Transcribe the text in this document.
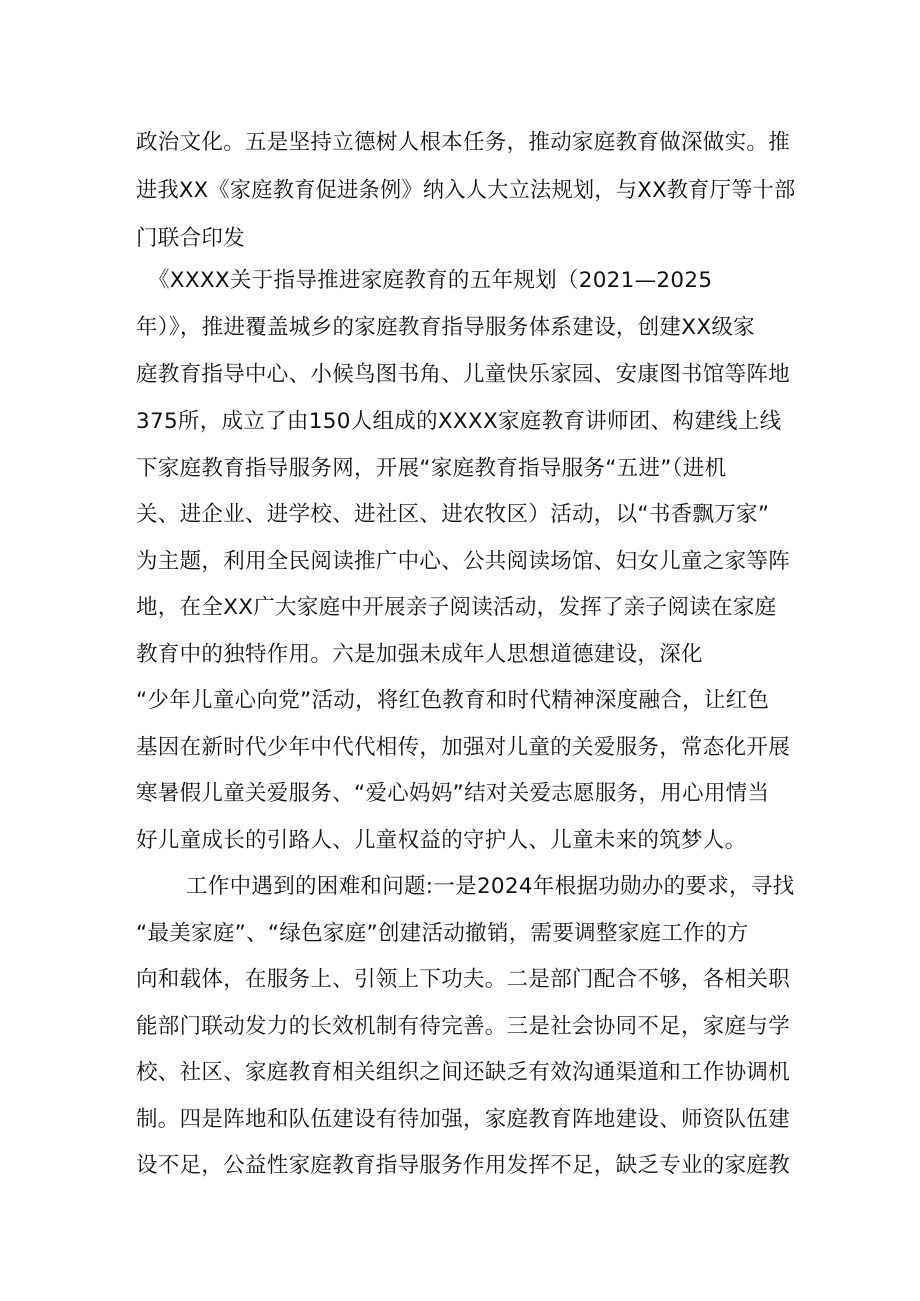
政治文化。五是坚持立德树人根本任务，推动家庭教育做深做实。推
进我XX《家庭教育促进条例》纳入人大立法规划，与XX教育厅等十部
门联合印发
《XXXX关于指导推进家庭教育的五年规划（2021—2025
年）》，推进覆盖城乡的家庭教育指导服务体系建设，创建XX级家
庭教育指导中心、小候鸟图书角、儿童快乐家园、安康图书馆等阵地
375所，成立了由150人组成的XXXX家庭教育讲师团、构建线上线
下家庭教育指导服务网，开展“家庭教育指导服务“五进”（进机
关、进企业、进学校、进社区、进农牧区）活动，以“书香飘万家”
为主题，利用全民阅读推广中心、公共阅读场馆、妇女儿童之家等阵
地，在全XX广大家庭中开展亲子阅读活动，发挥了亲子阅读在家庭
教育中的独特作用。六是加强未成年人思想道德建设，深化
“少年儿童心向党”活动，将红色教育和时代精神深度融合，让红色
基因在新时代少年中代代相传，加强对儿童的关爱服务，常态化开展
寒暑假儿童关爱服务、“爱心妈妈”结对关爱志愿服务，用心用情当
好儿童成长的引路人、儿童权益的守护人、儿童未来的筑梦人。
工作中遇到的困难和问题:一是2024年根据功勋办的要求，寻找
“最美家庭”、“绿色家庭”创建活动撤销，需要调整家庭工作的方
向和载体，在服务上、引领上下功夫。二是部门配合不够，各相关职
能部门联动发力的长效机制有待完善。三是社会协同不足，家庭与学
校、社区、家庭教育相关组织之间还缺乏有效沟通渠道和工作协调机
制。四是阵地和队伍建设有待加强，家庭教育阵地建设、师资队伍建
设不足，公益性家庭教育指导服务作用发挥不足，缺乏专业的家庭教
